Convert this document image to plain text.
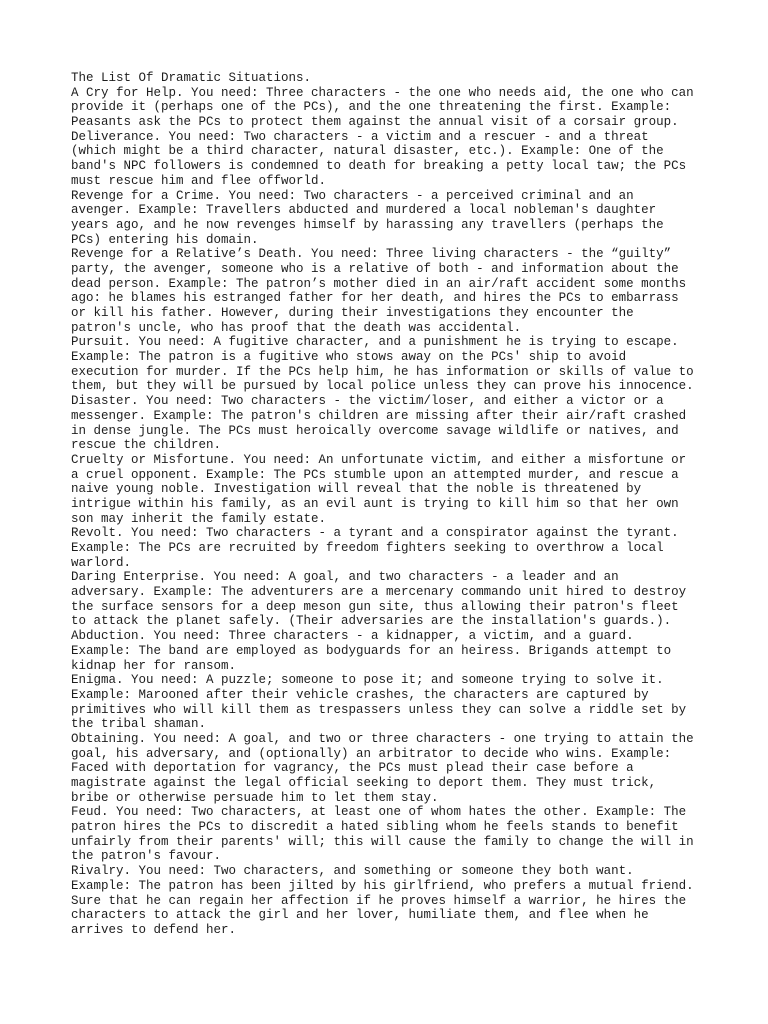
The List Of Dramatic Situations.
A Cry for Help. You need: Three characters - the one who needs aid, the one who can
provide it (perhaps one of the PCs), and the one threatening the first. Example:
Peasants ask the PCs to protect them against the annual visit of a corsair group.
Deliverance. You need: Two characters - a victim and a rescuer - and a threat
(which might be a third character, natural disaster, etc.). Example: One of the
band's NPC followers is condemned to death for breaking a petty local taw; the PCs
must rescue him and flee offworld.
Revenge for a Crime. You need: Two characters - a perceived criminal and an
avenger. Example: Travellers abducted and murdered a local nobleman's daughter
years ago, and he now revenges himself by harassing any travellers (perhaps the
PCs) entering his domain.
Revenge for a Relative’s Death. You need: Three living characters - the “guilty”
party, the avenger, someone who is a relative of both - and information about the
dead person. Example: The patron’s mother died in an air/raft accident some months
ago: he blames his estranged father for her death, and hires the PCs to embarrass
or kill his father. However, during their investigations they encounter the
patron's uncle, who has proof that the death was accidental.
Pursuit. You need: A fugitive character, and a punishment he is trying to escape.
Example: The patron is a fugitive who stows away on the PCs' ship to avoid
execution for murder. If the PCs help him, he has information or skills of value to
them, but they will be pursued by local police unless they can prove his innocence.
Disaster. You need: Two characters - the victim/loser, and either a victor or a
messenger. Example: The patron's children are missing after their air/raft crashed
in dense jungle. The PCs must heroically overcome savage wildlife or natives, and
rescue the children.
Cruelty or Misfortune. You need: An unfortunate victim, and either a misfortune or
a cruel opponent. Example: The PCs stumble upon an attempted murder, and rescue a
naive young noble. Investigation will reveal that the noble is threatened by
intrigue within his family, as an evil aunt is trying to kill him so that her own
son may inherit the family estate.
Revolt. You need: Two characters - a tyrant and a conspirator against the tyrant.
Example: The PCs are recruited by freedom fighters seeking to overthrow a local
warlord.
Daring Enterprise. You need: A goal, and two characters - a leader and an
adversary. Example: The adventurers are a mercenary commando unit hired to destroy
the surface sensors for a deep meson gun site, thus allowing their patron's fleet
to attack the planet safely. (Their adversaries are the installation's guards.).
Abduction. You need: Three characters - a kidnapper, a victim, and a guard.
Example: The band are employed as bodyguards for an heiress. Brigands attempt to
kidnap her for ransom.
Enigma. You need: A puzzle; someone to pose it; and someone trying to solve it.
Example: Marooned after their vehicle crashes, the characters are captured by
primitives who will kill them as trespassers unless they can solve a riddle set by
the tribal shaman.
Obtaining. You need: A goal, and two or three characters - one trying to attain the
goal, his adversary, and (optionally) an arbitrator to decide who wins. Example:
Faced with deportation for vagrancy, the PCs must plead their case before a
magistrate against the legal official seeking to deport them. They must trick,
bribe or otherwise persuade him to let them stay.
Feud. You need: Two characters, at least one of whom hates the other. Example: The
patron hires the PCs to discredit a hated sibling whom he feels stands to benefit
unfairly from their parents' will; this will cause the family to change the will in
the patron's favour.
Rivalry. You need: Two characters, and something or someone they both want.
Example: The patron has been jilted by his girlfriend, who prefers a mutual friend.
Sure that he can regain her affection if he proves himself a warrior, he hires the
characters to attack the girl and her lover, humiliate them, and flee when he
arrives to defend her.
